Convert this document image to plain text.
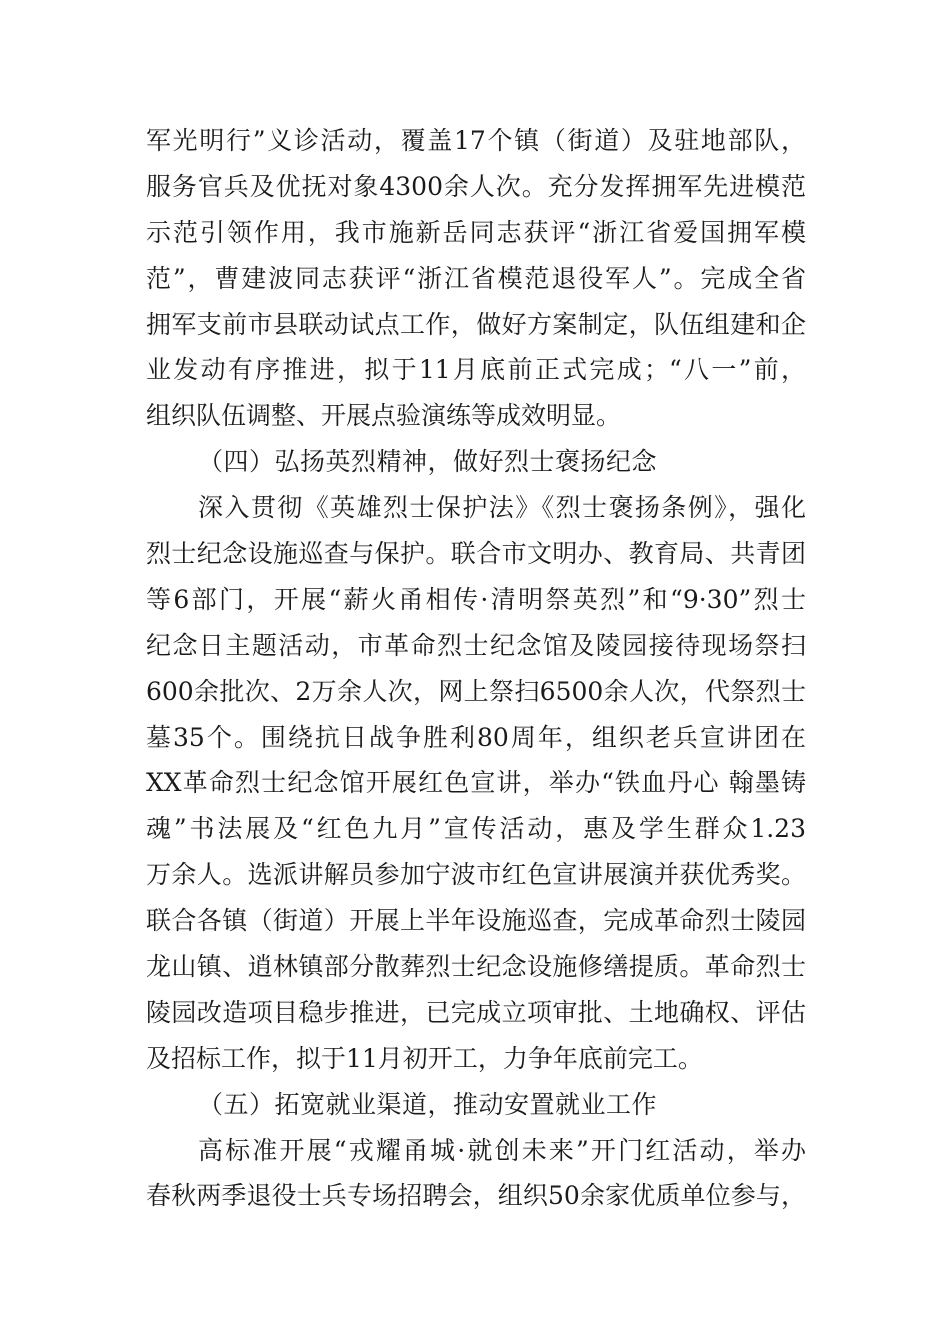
军光明行”义诊活动，覆盖17个镇（街道）及驻地部队，
服务官兵及优抚对象4300余人次。充分发挥拥军先进模范
示范引领作用，我市施新岳同志获评“浙江省爱国拥军模
范”，曹建波同志获评“浙江省模范退役军人”。完成全省
拥军支前市县联动试点工作，做好方案制定，队伍组建和企
业发动有序推进，拟于11月底前正式完成；“八一”前，
组织队伍调整、开展点验演练等成效明显。
（四）弘扬英烈精神，做好烈士褒扬纪念
深入贯彻《英雄烈士保护法》《烈士褒扬条例》，强化
烈士纪念设施巡查与保护。联合市文明办、教育局、共青团
等6部门，开展“薪火甬相传·清明祭英烈”和“9·30”烈士
纪念日主题活动，市革命烈士纪念馆及陵园接待现场祭扫
600余批次、2万余人次，网上祭扫6500余人次，代祭烈士
墓35个。围绕抗日战争胜利80周年，组织老兵宣讲团在
XX革命烈士纪念馆开展红色宣讲，举办“铁血丹心 翰墨铸
魂”书法展及“红色九月”宣传活动，惠及学生群众1.23
万余人。选派讲解员参加宁波市红色宣讲展演并获优秀奖。
联合各镇（街道）开展上半年设施巡查，完成革命烈士陵园
龙山镇、逍林镇部分散葬烈士纪念设施修缮提质。革命烈士
陵园改造项目稳步推进，已完成立项审批、土地确权、评估
及招标工作，拟于11月初开工，力争年底前完工。
（五）拓宽就业渠道，推动安置就业工作
高标准开展“戎耀甬城·就创未来”开门红活动，举办
春秋两季退役士兵专场招聘会，组织50余家优质单位参与，
